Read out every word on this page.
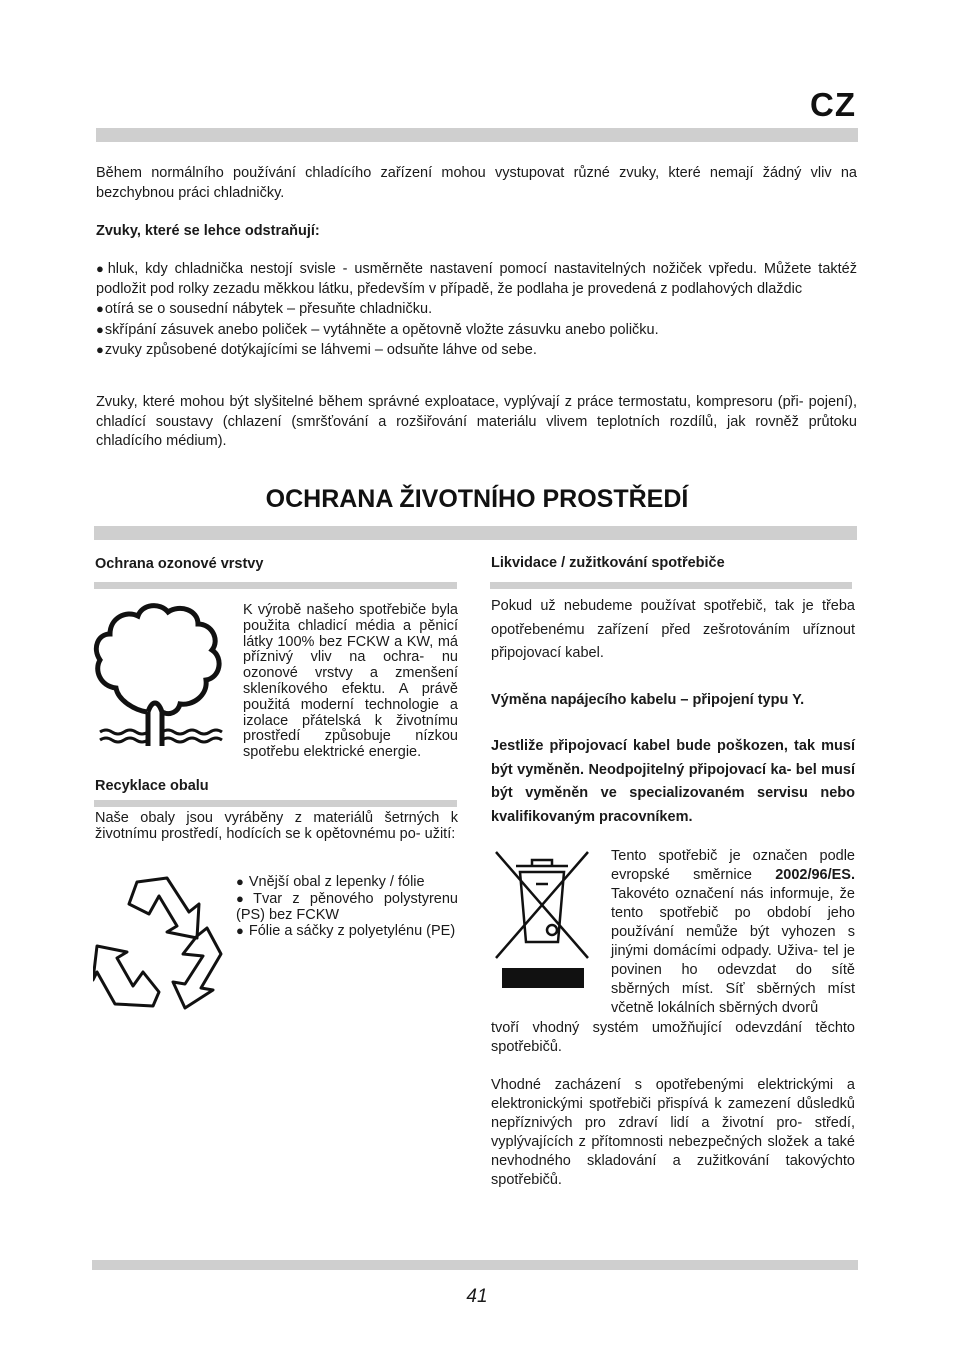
CZ

Během normálního používání chladícího zařízení mohou vystupovat různé zvuky, které nemají žádný vliv na bezchybnou práci chladničky.

Zvuky, které se lehce odstraňují:

● hluk, kdy chladnička nestojí svisle - usměrněte nastavení pomocí nastavitelných nožiček vpředu. Můžete taktéž podložit pod rolky zezadu měkkou látku, především v případě, že podlaha je provedená z podlahových dlaždic

● otírá se o sousední nábytek – přesuňte chladničku.

● skřípání zásuvek anebo poliček – vytáhněte a opětovně vložte zásuvku anebo poličku.

● zvuky způsobené dotýkajícími se láhvemi – odsuňte láhve od sebe.

Zvuky, které mohou být slyšitelné během správné exploatace, vyplývají z práce termostatu, kompresoru (při- pojení), chladící soustavy (chlazení (smršťování a rozšiřování materiálu vlivem teplotních rozdílů, jak rovněž průtoku chladícího médium).

OCHRANA ŽIVOTNÍHO PROSTŘEDÍ
Ochrana ozonové vrstvy

K výrobě našeho spotřebiče byla použita chladicí média a pěnicí látky 100% bez FCKW a KW, má příznivý vliv na ochra- nu ozonové vrstvy a zmenšení skleníkového efektu. A právě použitá moderní technologie a izolace přátelská k životnímu prostředí způsobuje nízkou spotřebu elektrické energie.

Recyklace obalu

Naše obaly jsou vyráběny z materiálů šetrných k životnímu prostředí, hodících se k opětovnému po- užití:

● Vnější obal z lepenky / fólie

● Tvar z pěnového polystyrenu (PS) bez FCKW

● Fólie a sáčky z polyetylénu (PE)

Likvidace / zužitkování spotřebiče

Pokud už nebudeme používat spotřebič, tak je třeba opotřebenému zařízení před zešrotováním uříznout připojovací kabel.

Výměna napájecího kabelu – připojení typu Y.

Jestliže připojovací kabel bude poškozen, tak musí být vyměněn. Neodpojitelný připojovací ka- bel musí být vyměněn ve specializovaném servisu nebo kvalifikovaným pracovníkem.

Tento spotřebič je označen podle evropské směrnice 2002/96/ES. Takovéto označení nás informuje, že tento spotřebič po období jeho používání nemůže být vyhozen s jinými domácími odpady. Uživa- tel je povinen ho odevzdat do sítě sběrných míst. Síť sběrných míst včetně lokálních sběrných dvorů

tvoří vhodný systém umožňující odevzdání těchto spotřebičů.

Vhodné zacházení s opotřebenými elektrickými a elektronickými spotřebiči přispívá k zamezení důsledků nepříznivých pro zdraví lidí a životní pro- středí, vyplývajících z přítomnosti nebezpečných složek a také nevhodného skladování a zužitkování takovýchto spotřebičů.

41
